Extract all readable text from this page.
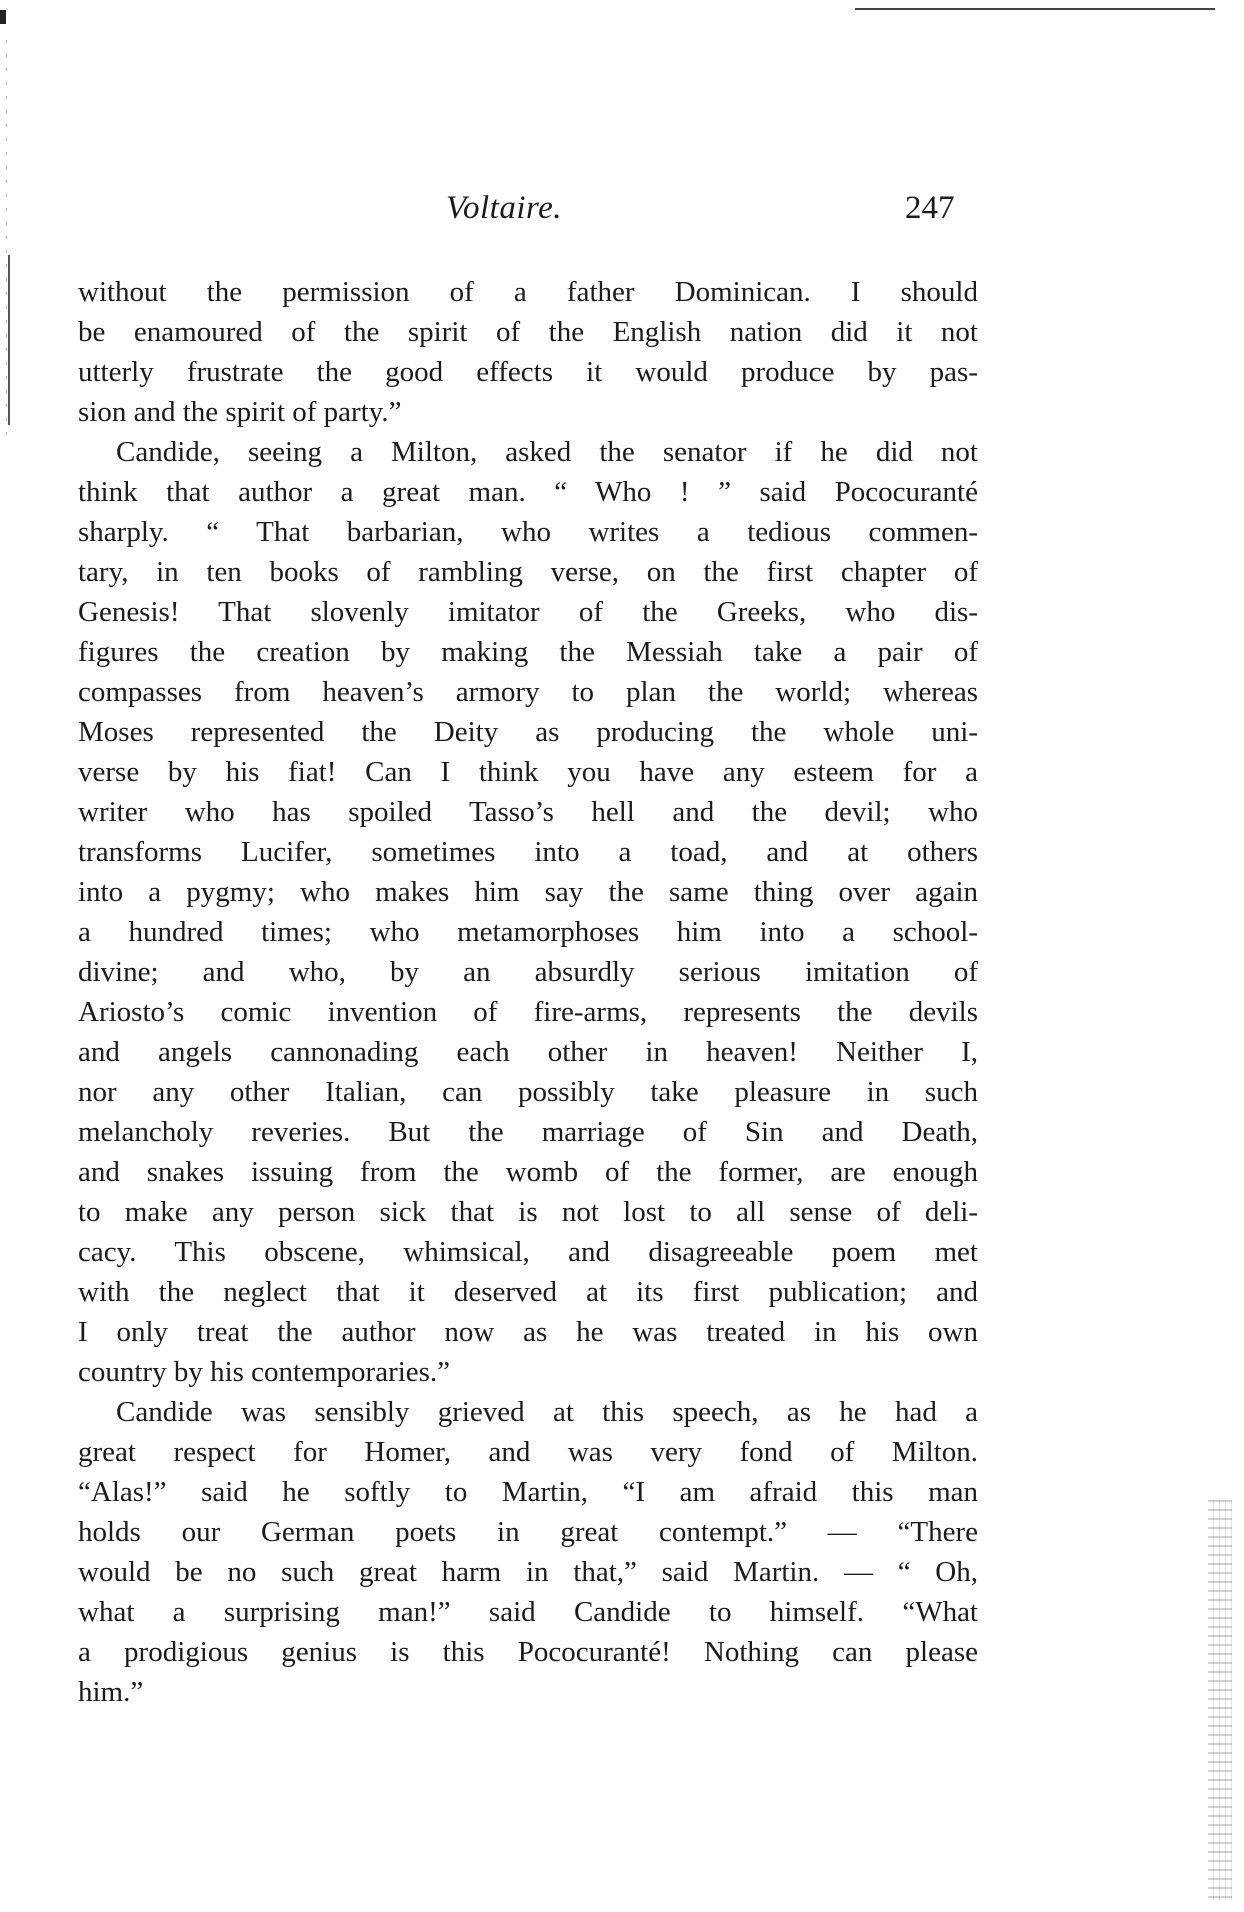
Voltaire.	247
without the permission of a father Dominican. I should
be enamoured of the spirit of the English nation did it not
utterly frustrate the good effects it would produce by pas-
sion and the spirit of party.”
Candide, seeing a Milton, asked the senator if he did not
think that author a great man. “ Who ! ” said Pococuranté
sharply. “ That barbarian, who writes a tedious commen-
tary, in ten books of rambling verse, on the first chapter of
Genesis! That slovenly imitator of the Greeks, who dis-
figures the creation by making the Messiah take a pair of
compasses from heaven’s armory to plan the world; whereas
Moses represented the Deity as producing the whole uni-
verse by his fiat! Can I think you have any esteem for a
writer who has spoiled Tasso’s hell and the devil; who
transforms Lucifer, sometimes into a toad, and at others
into a pygmy; who makes him say the same thing over again
a hundred times; who metamorphoses him into a school-
divine; and who, by an absurdly serious imitation of
Ariosto’s comic invention of fire-arms, represents the devils
and angels cannonading each other in heaven! Neither I,
nor any other Italian, can possibly take pleasure in such
melancholy reveries. But the marriage of Sin and Death,
and snakes issuing from the womb of the former, are enough
to make any person sick that is not lost to all sense of deli-
cacy. This obscene, whimsical, and disagreeable poem met
with the neglect that it deserved at its first publication; and
I only treat the author now as he was treated in his own
country by his contemporaries.”
Candide was sensibly grieved at this speech, as he had a
great respect for Homer, and was very fond of Milton.
“Alas!” said he softly to Martin, “I am afraid this man
holds our German poets in great contempt.” — “There
would be no such great harm in that,” said Martin. — “ Oh,
what a surprising man!” said Candide to himself. “What
a prodigious genius is this Pococuranté! Nothing can please
him.”
